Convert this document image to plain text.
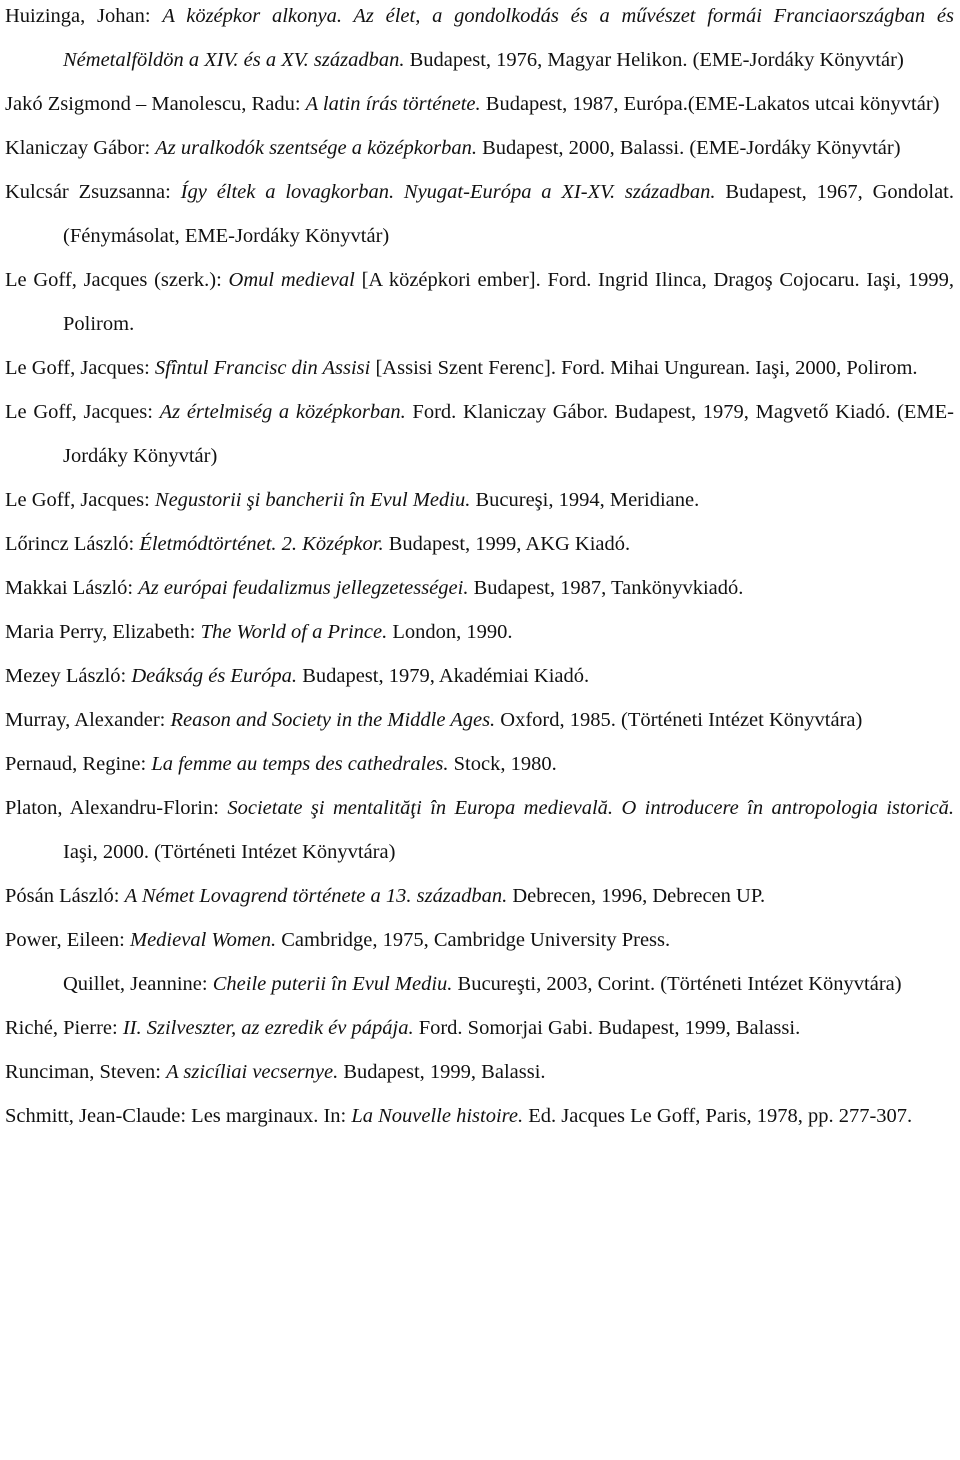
Huizinga, Johan: A középkor alkonya. Az élet, a gondolkodás és a művészet formái Franciaországban és Németalföldön a XIV. és a XV. században. Budapest, 1976, Magyar Helikon. (EME-Jordáky Könyvtár)
Jakó Zsigmond – Manolescu, Radu: A latin írás története. Budapest, 1987, Európa.(EME-Lakatos utcai könyvtár)
Klaniczay Gábor: Az uralkodók szentsége a középkorban. Budapest, 2000, Balassi. (EME-Jordáky Könyvtár)
Kulcsár Zsuzsanna: Így éltek a lovagkorban. Nyugat-Európa a XI-XV. században. Budapest, 1967, Gondolat. (Fénymásolat, EME-Jordáky Könyvtár)
Le Goff, Jacques (szerk.): Omul medieval [A középkori ember]. Ford. Ingrid Ilinca, Dragoş Cojocaru. Iaşi, 1999, Polirom.
Le Goff, Jacques: Sfîntul Francisc din Assisi [Assisi Szent Ferenc]. Ford. Mihai Ungurean. Iaşi, 2000, Polirom.
Le Goff, Jacques: Az értelmiség a középkorban. Ford. Klaniczay Gábor. Budapest, 1979, Magvető Kiadó. (EME-Jordáky Könyvtár)
Le Goff, Jacques: Negustorii şi bancherii în Evul Mediu. Bucureşi, 1994, Meridiane.
Lőrincz László: Életmódtörténet. 2. Középkor. Budapest, 1999, AKG Kiadó.
Makkai László: Az európai feudalizmus jellegzetességei. Budapest, 1987, Tankönyvkiadó.
Maria Perry, Elizabeth: The World of a Prince. London, 1990.
Mezey László: Deákság és Európa. Budapest, 1979, Akadémiai Kiadó.
Murray, Alexander: Reason and Society in the Middle Ages. Oxford, 1985. (Történeti Intézet Könyvtára)
Pernaud, Regine: La femme au temps des cathedrales. Stock, 1980.
Platon, Alexandru-Florin: Societate şi mentalităţi în Europa medievală. O introducere în antropologia istorică. Iaşi, 2000. (Történeti Intézet Könyvtára)
Pósán László: A Német Lovagrend története a 13. században. Debrecen, 1996, Debrecen UP.
Power, Eileen: Medieval Women. Cambridge, 1975, Cambridge University Press.
Quillet, Jeannine: Cheile puterii în Evul Mediu. Bucureşti, 2003, Corint. (Történeti Intézet Könyvtára)
Riché, Pierre: II. Szilveszter, az ezredik év pápája. Ford. Somorjai Gabi. Budapest, 1999, Balassi.
Runciman, Steven: A szicíliai vecsernye. Budapest, 1999, Balassi.
Schmitt, Jean-Claude: Les marginaux. In: La Nouvelle histoire. Ed. Jacques Le Goff, Paris, 1978, pp. 277-307.
